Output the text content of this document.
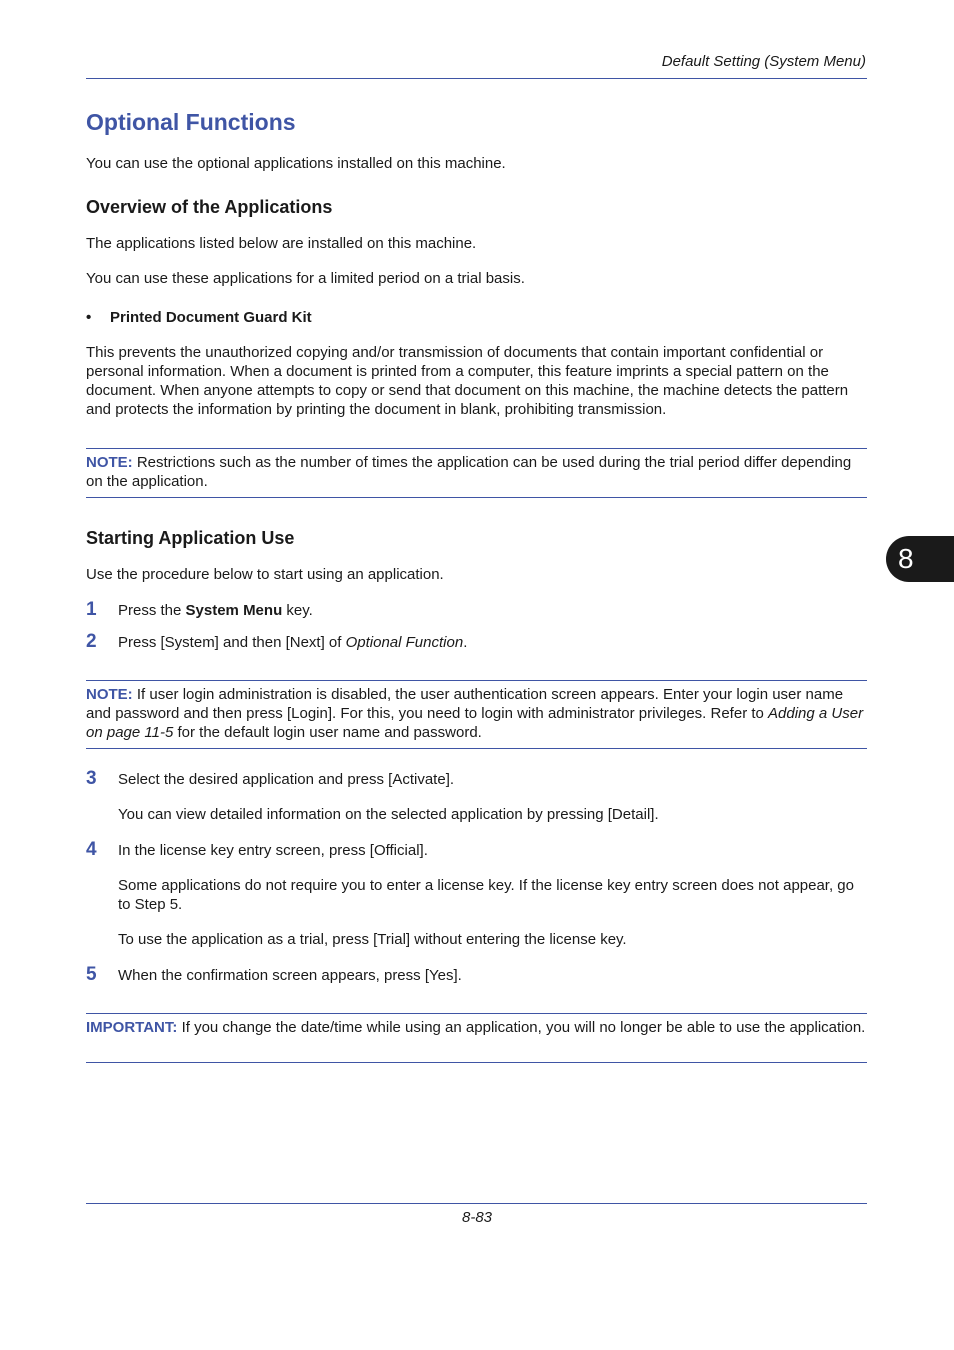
Default Setting (System Menu)
Optional Functions
You can use the optional applications installed on this machine.
Overview of the Applications
The applications listed below are installed on this machine.
You can use these applications for a limited period on a trial basis.
• Printed Document Guard Kit
This prevents the unauthorized copying and/or transmission of documents that contain important confidential or personal information. When a document is printed from a computer, this feature imprints a special pattern on the document. When anyone attempts to copy or send that document on this machine, the machine detects the pattern and protects the information by printing the document in blank, prohibiting transmission.
NOTE: Restrictions such as the number of times the application can be used during the trial period differ depending on the application.
Starting Application Use
Use the procedure below to start using an application.
1 Press the System Menu key.
2 Press [System] and then [Next] of Optional Function.
NOTE: If user login administration is disabled, the user authentication screen appears. Enter your login user name and password and then press [Login]. For this, you need to login with administrator privileges. Refer to Adding a User on page 11-5 for the default login user name and password.
3 Select the desired application and press [Activate].
You can view detailed information on the selected application by pressing [Detail].
4 In the license key entry screen, press [Official].
Some applications do not require you to enter a license key. If the license key entry screen does not appear, go to Step 5.
To use the application as a trial, press [Trial] without entering the license key.
5 When the confirmation screen appears, press [Yes].
IMPORTANT: If you change the date/time while using an application, you will no longer be able to use the application.
8
8-83
